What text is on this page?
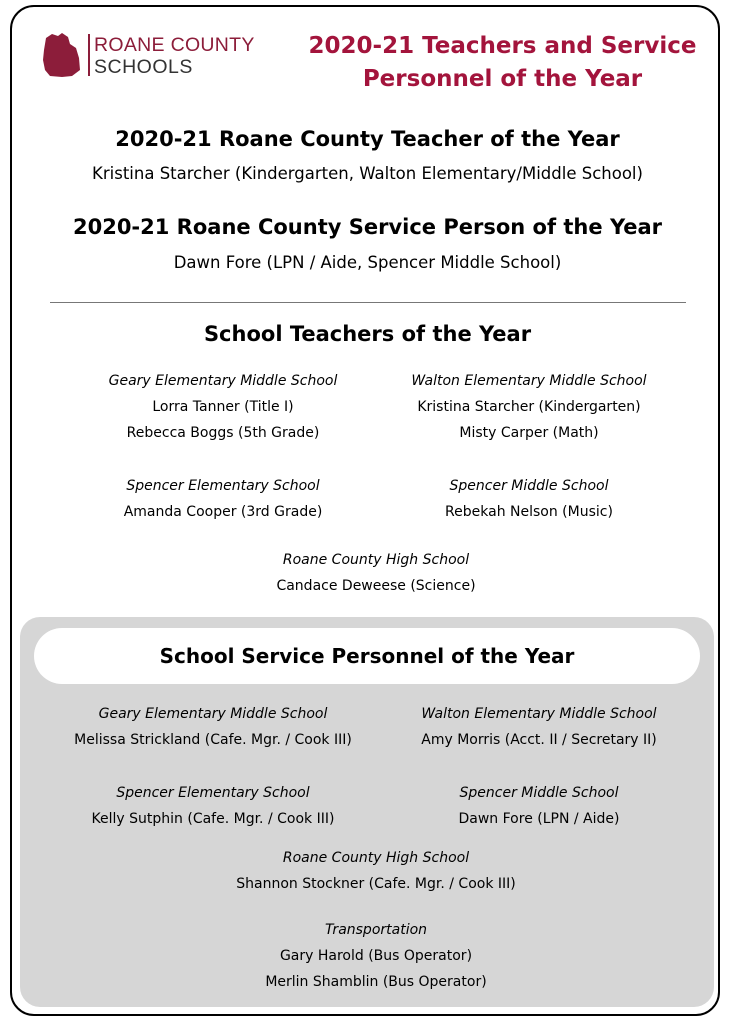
ROANE COUNTY
SCHOOLS
2020-21 Teachers and Service Personnel of the Year
2020-21 Roane County Teacher of the Year
Kristina Starcher (Kindergarten, Walton Elementary/Middle School)
2020-21 Roane County Service Person of the Year
Dawn Fore (LPN / Aide, Spencer Middle School)
School Teachers of the Year
Geary Elementary Middle School
Lorra Tanner (Title I)
Rebecca Boggs (5th Grade)
Walton Elementary Middle School
Kristina Starcher (Kindergarten)
Misty Carper (Math)
Spencer Elementary School
Amanda Cooper (3rd Grade)
Spencer Middle School
Rebekah Nelson (Music)
Roane County High School
Candace Deweese (Science)
School Service Personnel of the Year
Geary Elementary Middle School
Melissa Strickland (Cafe. Mgr. / Cook III)
Walton Elementary Middle School
Amy Morris (Acct. II / Secretary II)
Spencer Elementary School
Kelly Sutphin (Cafe. Mgr. / Cook III)
Spencer Middle School
Dawn Fore (LPN / Aide)
Roane County High School
Shannon Stockner (Cafe. Mgr. / Cook III)
Transportation
Gary Harold (Bus Operator)
Merlin Shamblin (Bus Operator)
